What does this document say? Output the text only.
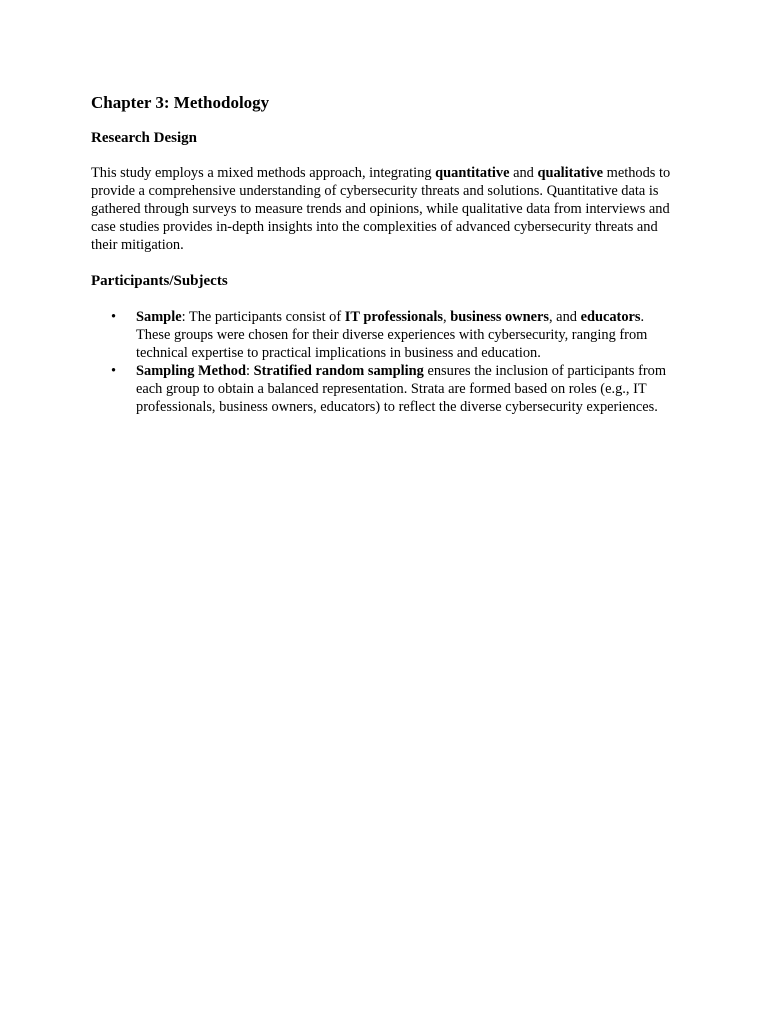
Chapter 3: Methodology
Research Design

This study employs a mixed methods approach, integrating quantitative and qualitative methods to provide a comprehensive understanding of cybersecurity threats and solutions. Quantitative data is gathered through surveys to measure trends and opinions, while qualitative data from interviews and case studies provides in-depth insights into the complexities of advanced cybersecurity threats and their mitigation.

Participants/Subjects
• Sample: The participants consist of IT professionals, business owners, and educators. These groups were chosen for their diverse experiences with cybersecurity, ranging from technical expertise to practical implications in business and education.
• Sampling Method: Stratified random sampling ensures the inclusion of participants from each group to obtain a balanced representation. Strata are formed based on roles (e.g., IT professionals, business owners, educators) to reflect the diverse cybersecurity experiences.
